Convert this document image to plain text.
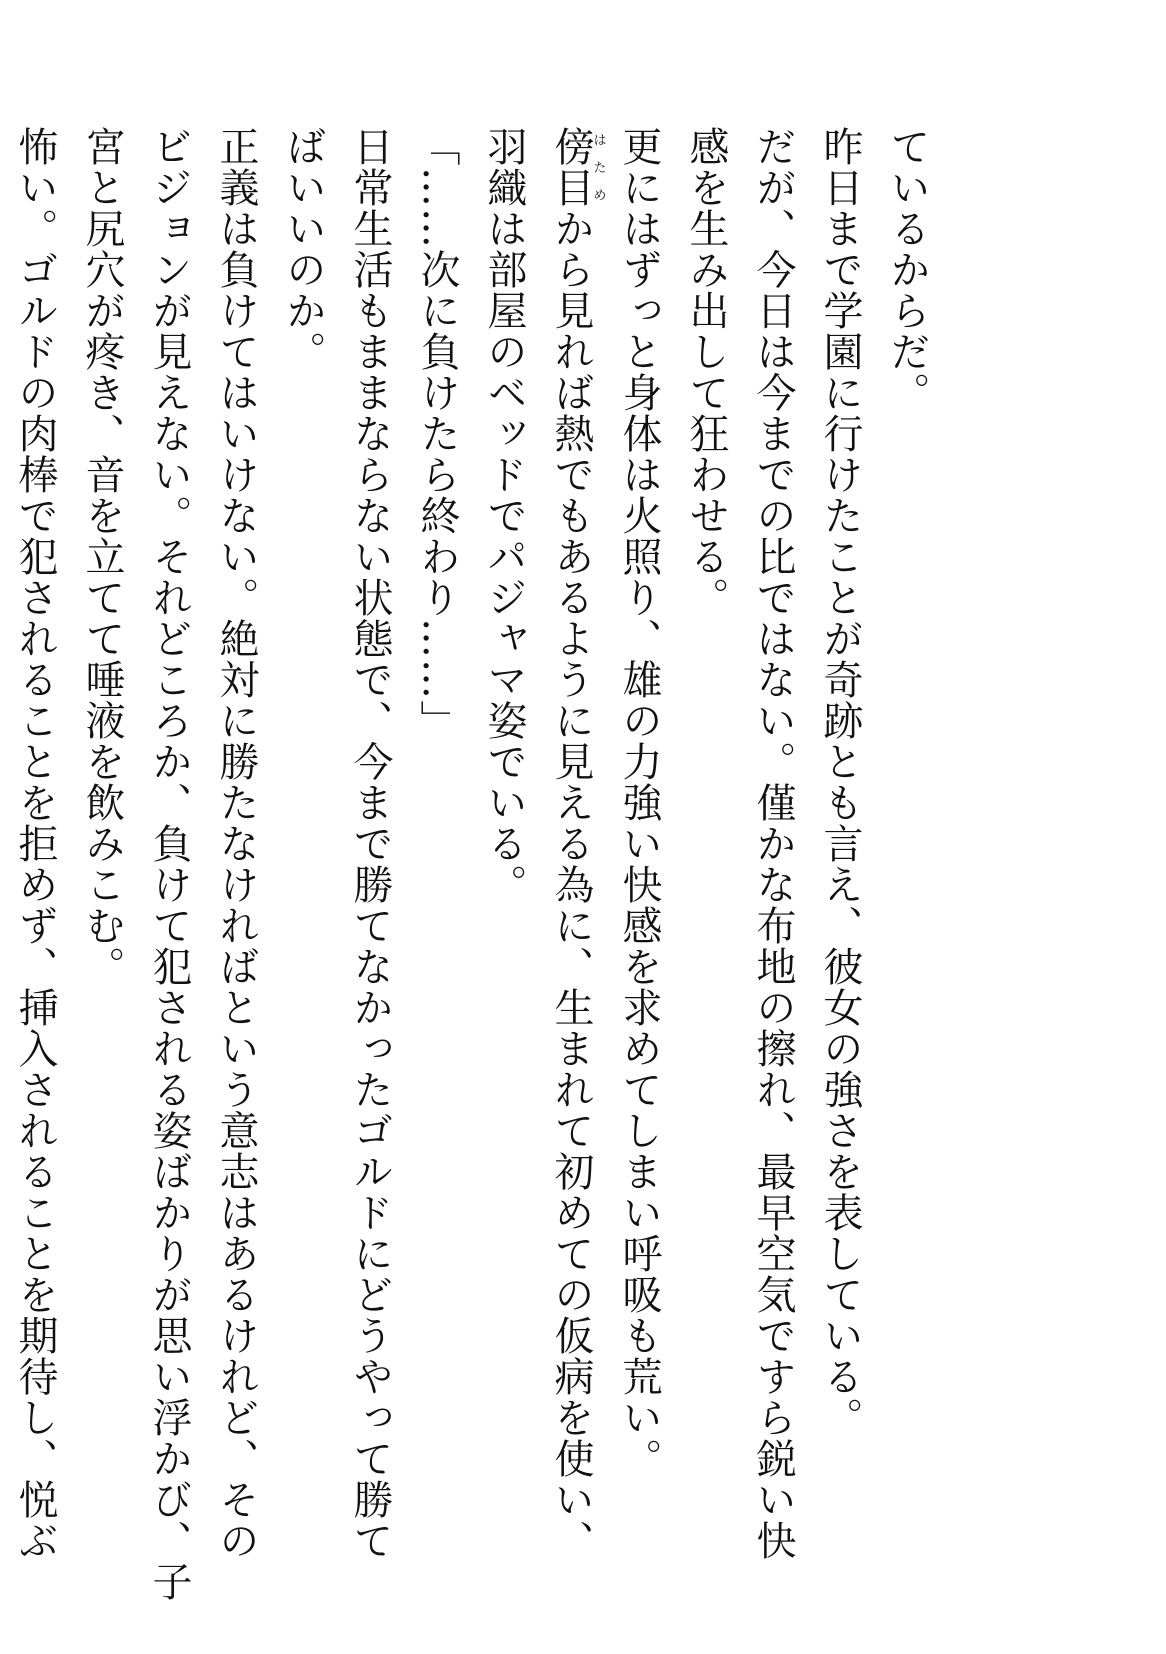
ているからだ。
昨日まで学園に行けたことが奇跡とも言え、彼女の強さを表している。
だが、今日は今までの比ではない。僅かな布地の擦れ、最早空気ですら鋭い快
感を生み出して狂わせる。
更にはずっと身体は火照り、雄の力強い快感を求めてしまい呼吸も荒い。
傍目はためから見れば熱でもあるように見える為に、生まれて初めての仮病を使い、
羽織は部屋のベッドでパジャマ姿でいる。
「……次に負けたら終わり……」
日常生活もままならない状態で、今まで勝てなかったゴルドにどうやって勝て
ばいいのか。
正義は負けてはいけない。絶対に勝たなければという意志はあるけれど、その
ビジョンが見えない。それどころか、負けて犯される姿ばかりが思い浮かび、子
宮と尻穴が疼き、音を立てて唾液を飲みこむ。
怖い。ゴルドの肉棒で犯されることを拒めず、挿入されることを期待し、悦ぶ
